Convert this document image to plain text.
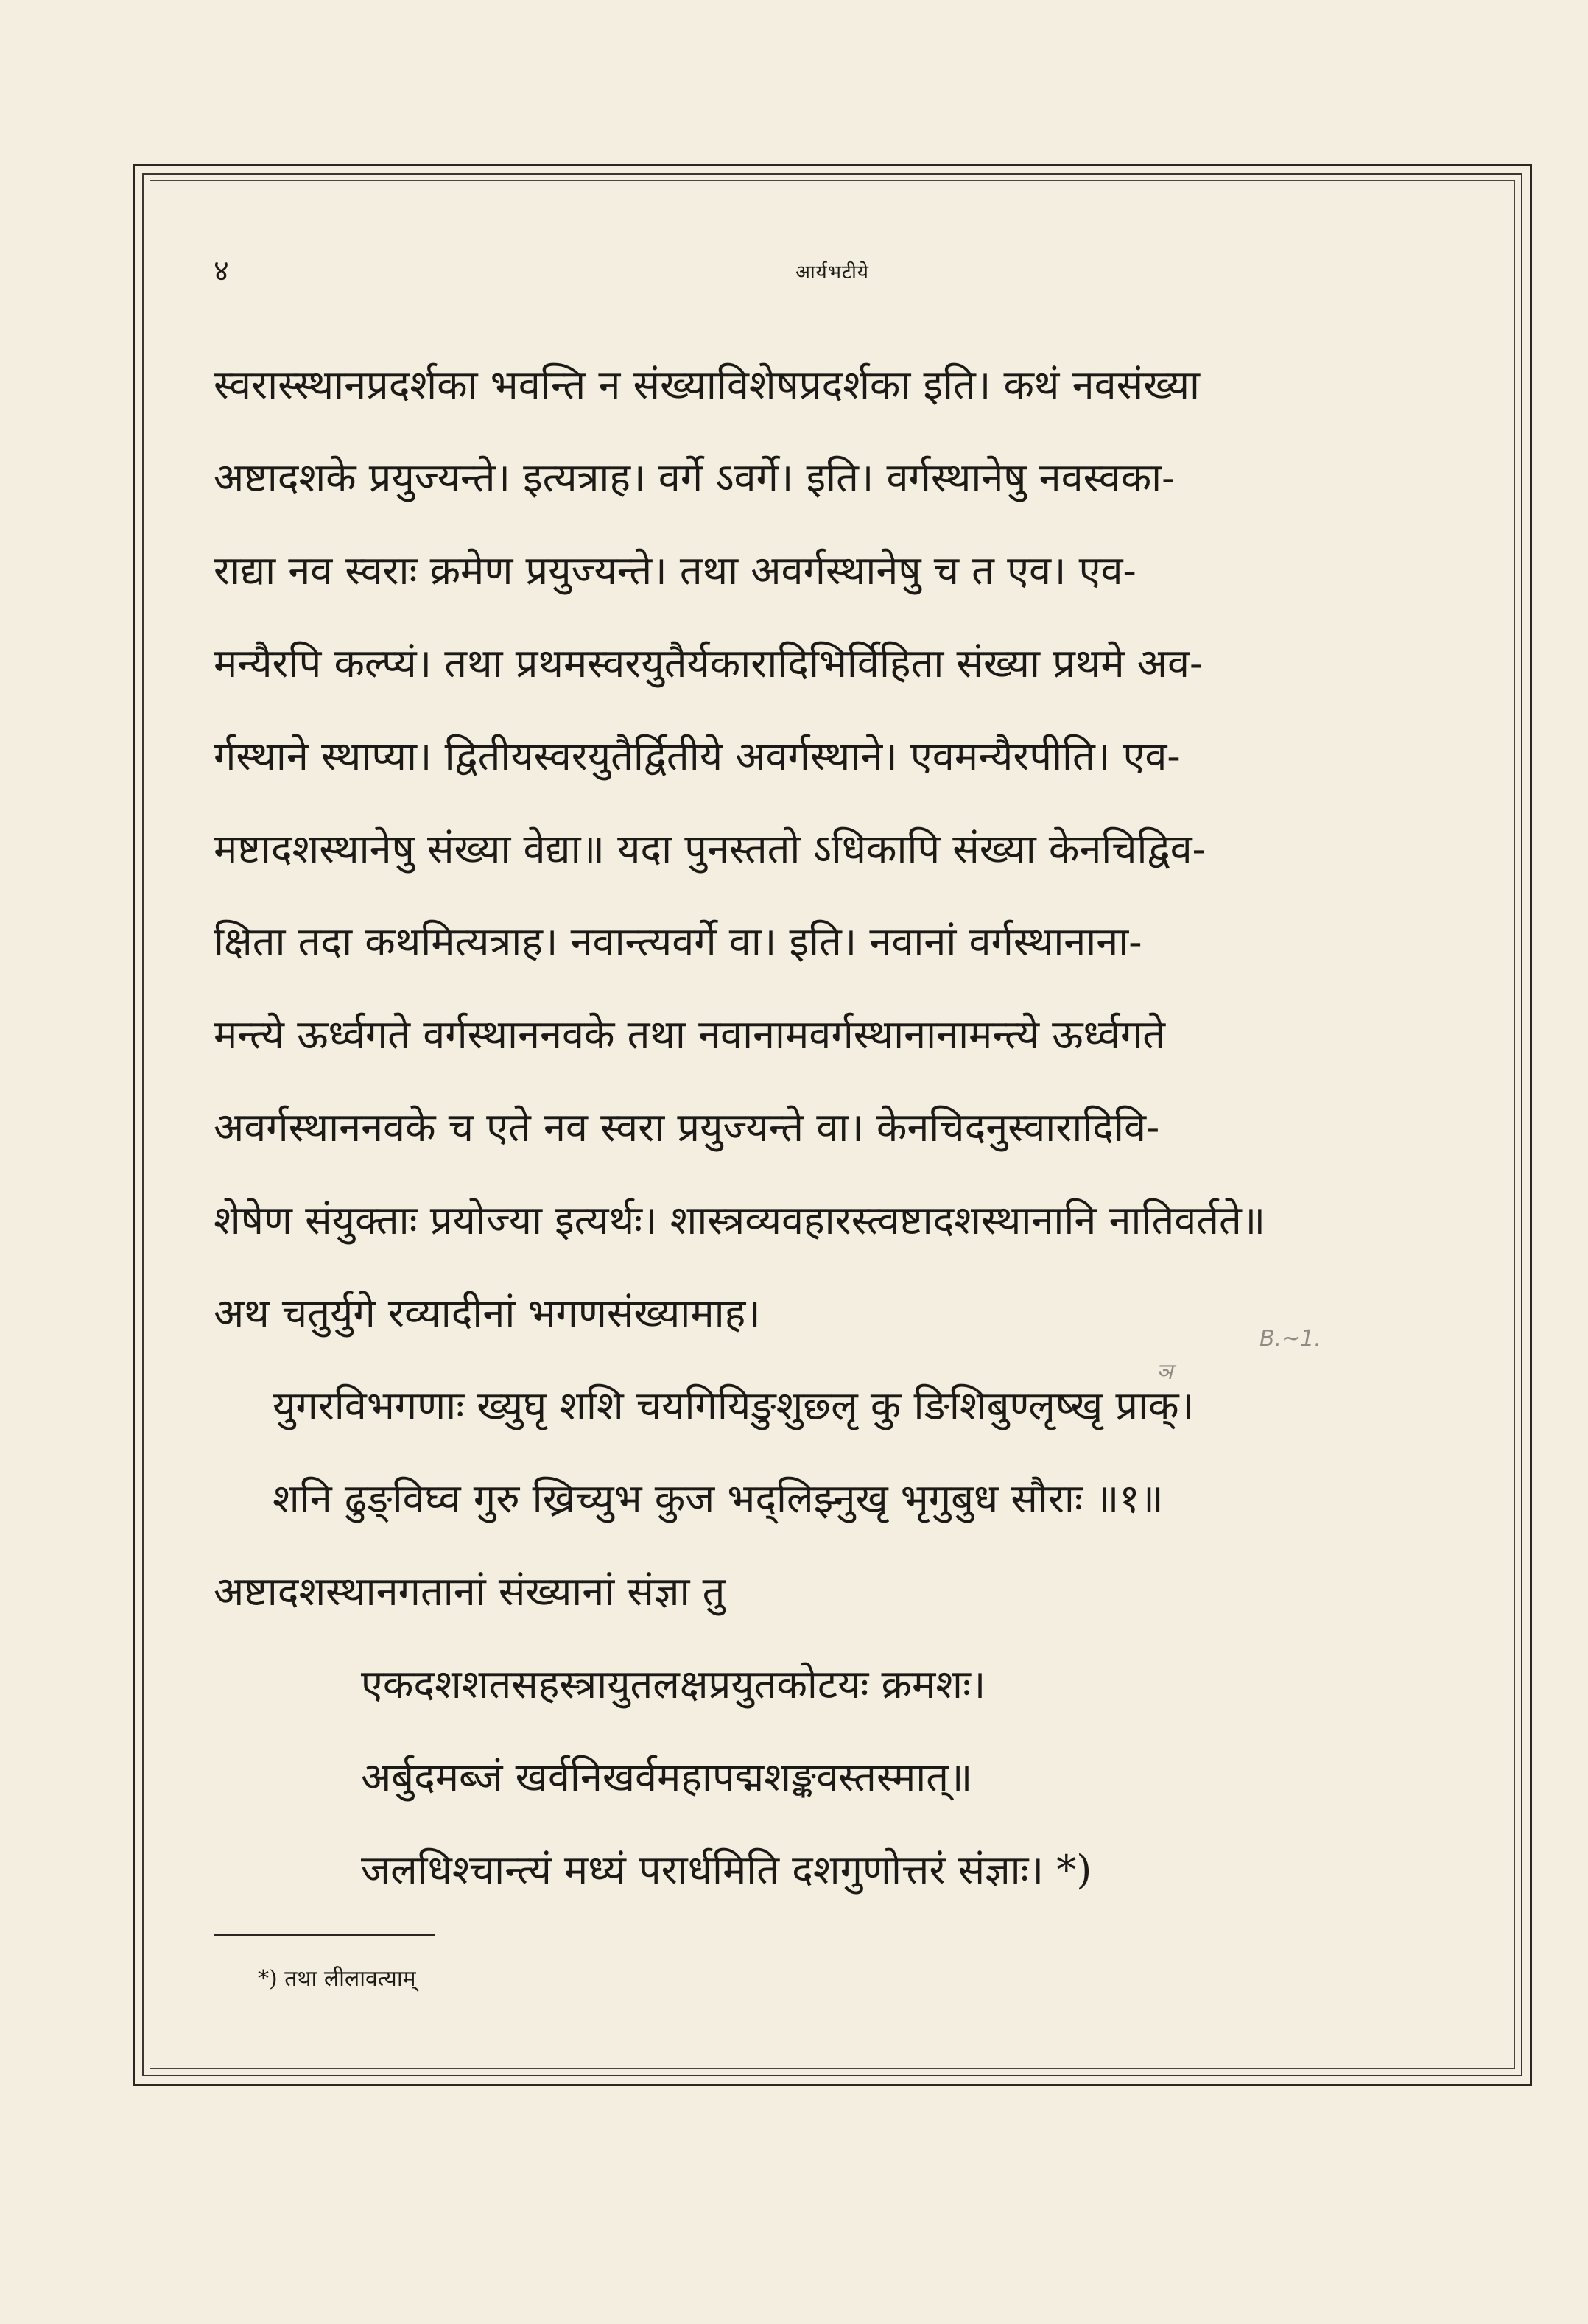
४	आर्यभटीये
स्वरास्स्थानप्रदर्शका भवन्ति न संख्याविशेषप्रदर्शका इति। कथं नवसंख्या
अष्टादशके प्रयुज्यन्ते। इत्यत्राह। वर्गे ऽवर्गे। इति। वर्गस्थानेषु नवस्वका-
राद्या नव स्वराः क्रमेण प्रयुज्यन्ते। तथा अवर्गस्थानेषु च त एव। एव-
मन्यैरपि कल्प्यं। तथा प्रथमस्वरयुतैर्यकारादिभिर्विहिता संख्या प्रथमे अव-
र्गस्थाने स्थाप्या। द्वितीयस्वरयुतैर्द्वितीये अवर्गस्थाने। एवमन्यैरपीति। एव-
मष्टादशस्थानेषु संख्या वेद्या॥ यदा पुनस्ततो ऽधिकापि संख्या केनचिद्विव-
क्षिता तदा कथमित्यत्राह। नवान्त्यवर्गे वा। इति। नवानां वर्गस्थानाना-
मन्त्ये ऊर्ध्वगते वर्गस्थाननवके तथा नवानामवर्गस्थानानामन्त्ये ऊर्ध्वगते
अवर्गस्थाननवके च एते नव स्वरा प्रयुज्यन्ते वा। केनचिदनुस्वारादिवि-
शेषेण संयुक्ताः प्रयोज्या इत्यर्थः। शास्त्रव्यवहारस्त्वष्टादशस्थानानि नातिवर्तते॥
अथ चतुर्युगे रव्यादीनां भगणसंख्यामाह।
युगरविभगणाः ख्युघृ शशि चयगियिङुशुछ्लृ कु ङिशिबुण्लृष्खृ प्राक्।
शनि ढुङ्विघ्व गुरु ख्रिच्युभ कुज भद्लिझ्नुखृ भृगुबुध सौराः ॥१॥
अष्टादशस्थानगतानां संख्यानां संज्ञा तु
एकदशशतसहस्त्रायुतलक्षप्रयुतकोटयः क्रमशः।
अर्बुदमब्जं खर्वनिखर्वमहापद्मशङ्कवस्तस्मात्॥
जलधिश्चान्त्यं मध्यं परार्धमिति दशगुणोत्तरं संज्ञाः। *)
*) तथा लीलावत्याम्
B.~1.
ञ
